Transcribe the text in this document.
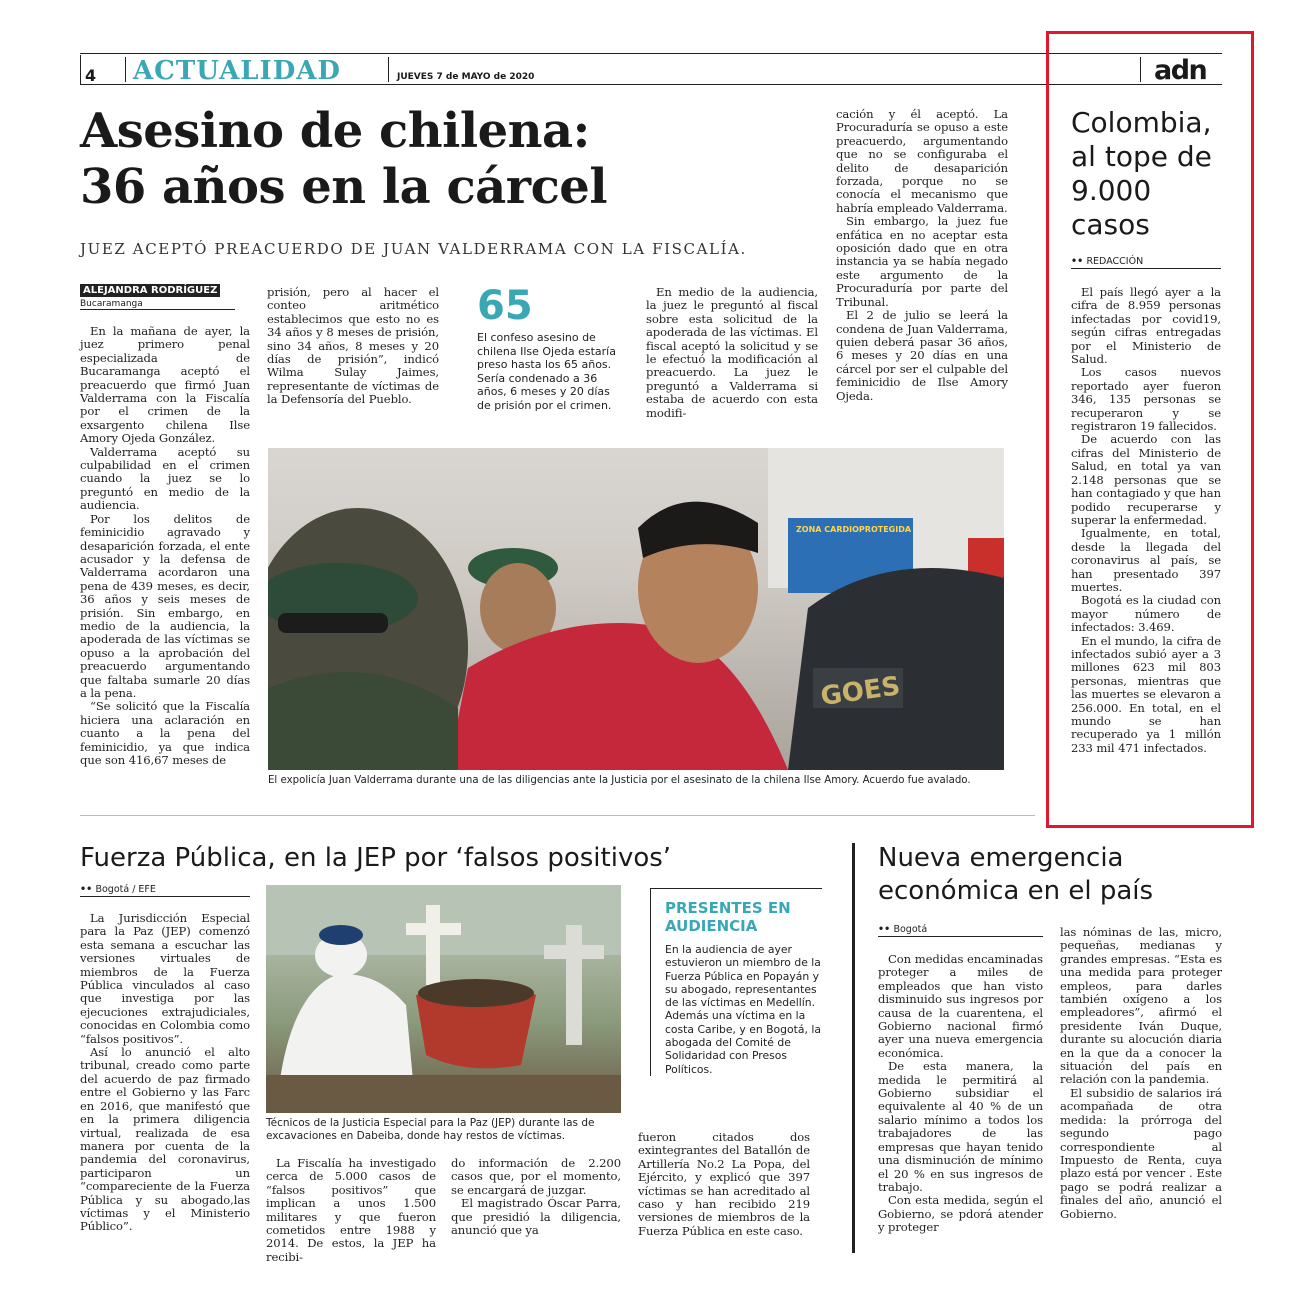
4 ACTUALIDAD	JUEVES 7 de MAYO de 2020	adn
Asesino de chilena:
36 años en la cárcel
JUEZ ACEPTÓ PREACUERDO DE JUAN VALDERRAMA CON LA FISCALÍA.
ALEJANDRA RODRÍGUEZ
Bucaramanga

En la mañana de ayer, la juez primero penal especializada de Bucaramanga aceptó el preacuerdo que firmó Juan Valderrama con la Fiscalía por el crimen de la exsargento chilena Ilse Amory Ojeda González.

Valderrama aceptó su culpabilidad en el crimen cuando la juez se lo preguntó en medio de la audiencia.

Por los delitos de feminicidio agravado y desaparición forzada, el ente acusador y la defensa de Valderrama acordaron una pena de 439 meses, es decir, 36 años y seis meses de prisión. Sin embargo, en medio de la audiencia, la apoderada de las víctimas se opuso a la aprobación del preacuerdo argumentando que faltaba sumarle 20 días a la pena.

“Se solicitó que la Fiscalía hiciera una aclaración en cuanto a la pena del feminicidio, ya que indica que son 416,67 meses de

prisión, pero al hacer el conteo aritmético establecimos que esto no es 34 años y 8 meses de prisión, sino 34 años, 8 meses y 20 días de prisión”, indicó Wilma Sulay Jaimes, representante de víctimas de la Defensoría del Pueblo.

65
El confeso asesino de chilena Ilse Ojeda estaría preso hasta los 65 años. Sería condenado a 36 años, 6 meses y 20 días de prisión por el crimen.

En medio de la audiencia, la juez le preguntó al fiscal sobre esta solicitud de la apoderada de las víctimas. El fiscal aceptó la solicitud y se le efectuó la modificación al preacuerdo. La juez le preguntó a Valderrama si estaba de acuerdo con esta modifi-

cación y él aceptó. La Procuraduría se opuso a este preacuerdo, argumentando que no se configuraba el delito de desaparición forzada, porque no se conocía el mecanismo que habría empleado Valderrama.

Sin embargo, la juez fue enfática en no aceptar esta oposición dado que en otra instancia ya se había negado este argumento de la Procuraduría por parte del Tribunal.

El 2 de julio se leerá la condena de Juan Valderrama, quien deberá pasar 36 años, 6 meses y 20 días en una cárcel por ser el culpable del feminicidio de Ilse Amory Ojeda.

ZONA CARDIOPROTEGIDA
GOES
El expolicía Juan Valderrama durante una de las diligencias ante la Justicia por el asesinato de la chilena Ilse Amory. Acuerdo fue avalado.
Colombia, al tope de 9.000 casos
•• REDACCIÓN

El país llegó ayer a la cifra de 8.959 personas infectadas por covid19, según cifras entregadas por el Ministerio de Salud.

Los casos nuevos reportado ayer fueron 346, 135 personas se recuperaron y se registraron 19 fallecidos.

De acuerdo con las cifras del Ministerio de Salud, en total ya van 2.148 personas que se han contagiado y que han podido recuperarse y superar la enfermedad.

Igualmente, en total, desde la llegada del coronavirus al país, se han presentado 397 muertes.

Bogotá es la ciudad con mayor número de infectados: 3.469.

En el mundo, la cifra de infectados subió ayer a 3 millones 623 mil 803 personas, mientras que las muertes se elevaron a 256.000. En total, en el mundo se han recuperado ya 1 millón 233 mil 471 infectados.

Fuerza Pública, en la JEP por ‘falsos positivos’
•• Bogotá / EFE

La Jurisdicción Especial para la Paz (JEP) comenzó esta semana a escuchar las versiones virtuales de miembros de la Fuerza Pública vinculados al caso que investiga por las ejecuciones extrajudiciales, conocidas en Colombia como “falsos positivos”.

Así lo anunció el alto tribunal, creado como parte del acuerdo de paz firmado entre el Gobierno y las Farc en 2016, que manifestó que en la primera diligencia virtual, realizada de esa manera por cuenta de la pandemia del coronavirus, participaron un “compareciente de la Fuerza Pública y su abogado,las víctimas y el Ministerio Público”.

Técnicos de la Justicia Especial para la Paz (JEP) durante las de excavaciones en Dabeiba, donde hay restos de víctimas.
PRESENTES EN AUDIENCIA
En la audiencia de ayer estuvieron un miembro de la Fuerza Pública en Popayán y su abogado, representantes de las víctimas en Medellín. Además una víctima en la costa Caribe, y en Bogotá, la abogada del Comité de Solidaridad con Presos Políticos.

La Fiscalía ha investigado cerca de 5.000 casos de “falsos positivos” que implican a unos 1.500 militares y que fueron cometidos entre 1988 y 2014. De estos, la JEP ha recibi-

do información de 2.200 casos que, por el momento, se encargará de juzgar.

El magistrado Óscar Parra, que presidió la diligencia, anunció que ya

fueron citados dos exintegrantes del Batallón de Artillería No.2 La Popa, del Ejército, y explicó que 397 víctimas se han acreditado al caso y han recibido 219 versiones de miembros de la Fuerza Pública en este caso.

Nueva emergencia
económica en el país
•• Bogotá

Con medidas encaminadas proteger a miles de empleados que han visto disminuido sus ingresos por causa de la cuarentena, el Gobierno nacional firmó ayer una nueva emergencia económica.

De esta manera, la medida le permitirá al Gobierno subsidiar el equivalente al 40 % de un salario mínimo a todos los trabajadores de las empresas que hayan tenido una disminución de mínimo el 20 % en sus ingresos de trabajo.

Con esta medida, según el Gobierno, se pdorá atender y proteger

las nóminas de las, micro, pequeñas, medianas y grandes empresas. “Esta es una medida para proteger empleos, para darles también oxígeno a los empleadores”, afirmó el presidente Iván Duque, durante su alocución diaria en la que da a conocer la situación del país en relación con la pandemia.

El subsidio de salarios irá acompañada de otra medida: la prórroga del segundo pago correspondiente al Impuesto de Renta, cuya plazo está por vencer . Este pago se podrá realizar a finales del año, anunció el Gobierno.
